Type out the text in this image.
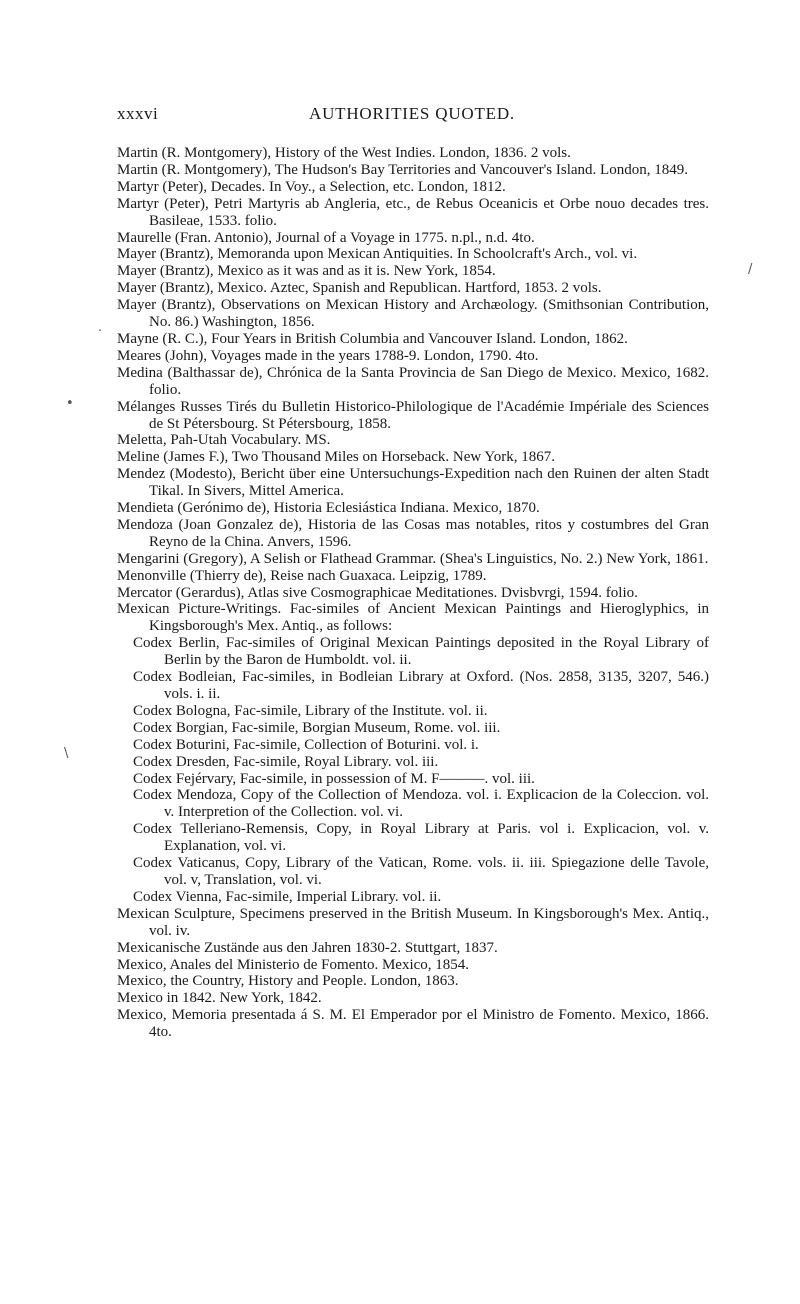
xxxvi	AUTHORITIES QUOTED.

Martin (R. Montgomery), History of the West Indies. London, 1836. 2 vols.

Martin (R. Montgomery), The Hudson's Bay Territories and Vancouver's Island. London, 1849.

Martyr (Peter), Decades. In Voy., a Selection, etc. London, 1812.

Martyr (Peter), Petri Martyris ab Angleria, etc., de Rebus Oceanicis et Orbe nouo decades tres. Basileae, 1533. folio.

Maurelle (Fran. Antonio), Journal of a Voyage in 1775. n.pl., n.d. 4to.

Mayer (Brantz), Memoranda upon Mexican Antiquities. In Schoolcraft's Arch., vol. vi.

Mayer (Brantz), Mexico as it was and as it is. New York, 1854.

Mayer (Brantz), Mexico. Aztec, Spanish and Republican. Hartford, 1853. 2 vols.

Mayer (Brantz), Observations on Mexican History and Archæology. (Smithsonian Contribution, No. 86.) Washington, 1856.

Mayne (R. C.), Four Years in British Columbia and Vancouver Island. London, 1862.

Meares (John), Voyages made in the years 1788-9. London, 1790. 4to.

Medina (Balthassar de), Chrónica de la Santa Provincia de San Diego de Mexico. Mexico, 1682. folio.

Mélanges Russes Tirés du Bulletin Historico-Philologique de l'Académie Impériale des Sciences de St Pétersbourg. St Pétersbourg, 1858.

Meletta, Pah-Utah Vocabulary. MS.

Meline (James F.), Two Thousand Miles on Horseback. New York, 1867.

Mendez (Modesto), Bericht über eine Untersuchungs-Expedition nach den Ruinen der alten Stadt Tikal. In Sivers, Mittel America.

Mendieta (Gerónimo de), Historia Eclesiástica Indiana. Mexico, 1870.

Mendoza (Joan Gonzalez de), Historia de las Cosas mas notables, ritos y costumbres del Gran Reyno de la China. Anvers, 1596.

Mengarini (Gregory), A Selish or Flathead Grammar. (Shea's Linguistics, No. 2.) New York, 1861.

Menonville (Thierry de), Reise nach Guaxaca. Leipzig, 1789.

Mercator (Gerardus), Atlas sive Cosmographicae Meditationes. Dvisbvrgi, 1594. folio.

Mexican Picture-Writings. Fac-similes of Ancient Mexican Paintings and Hieroglyphics, in Kingsborough's Mex. Antiq., as follows:

Codex Berlin, Fac-similes of Original Mexican Paintings deposited in the Royal Library of Berlin by the Baron de Humboldt. vol. ii.

Codex Bodleian, Fac-similes, in Bodleian Library at Oxford. (Nos. 2858, 3135, 3207, 546.) vols. i. ii.

Codex Bologna, Fac-simile, Library of the Institute. vol. ii.

Codex Borgian, Fac-simile, Borgian Museum, Rome. vol. iii.

Codex Boturini, Fac-simile, Collection of Boturini. vol. i.

Codex Dresden, Fac-simile, Royal Library. vol. iii.

Codex Fejérvary, Fac-simile, in possession of M. F———. vol. iii.

Codex Mendoza, Copy of the Collection of Mendoza. vol. i. Explicacion de la Coleccion. vol. v. Interpretion of the Collection. vol. vi.

Codex Telleriano-Remensis, Copy, in Royal Library at Paris. vol i. Explicacion, vol. v. Explanation, vol. vi.

Codex Vaticanus, Copy, Library of the Vatican, Rome. vols. ii. iii. Spiegazione delle Tavole, vol. v, Translation, vol. vi.

Codex Vienna, Fac-simile, Imperial Library. vol. ii.

Mexican Sculpture, Specimens preserved in the British Museum. In Kingsborough's Mex. Antiq., vol. iv.

Mexicanische Zustände aus den Jahren 1830-2. Stuttgart, 1837.

Mexico, Anales del Ministerio de Fomento. Mexico, 1854.

Mexico, the Country, History and People. London, 1863.

Mexico in 1842. New York, 1842.

Mexico, Memoria presentada á S. M. El Emperador por el Ministro de Fomento. Mexico, 1866. 4to.

/
.
•
\
